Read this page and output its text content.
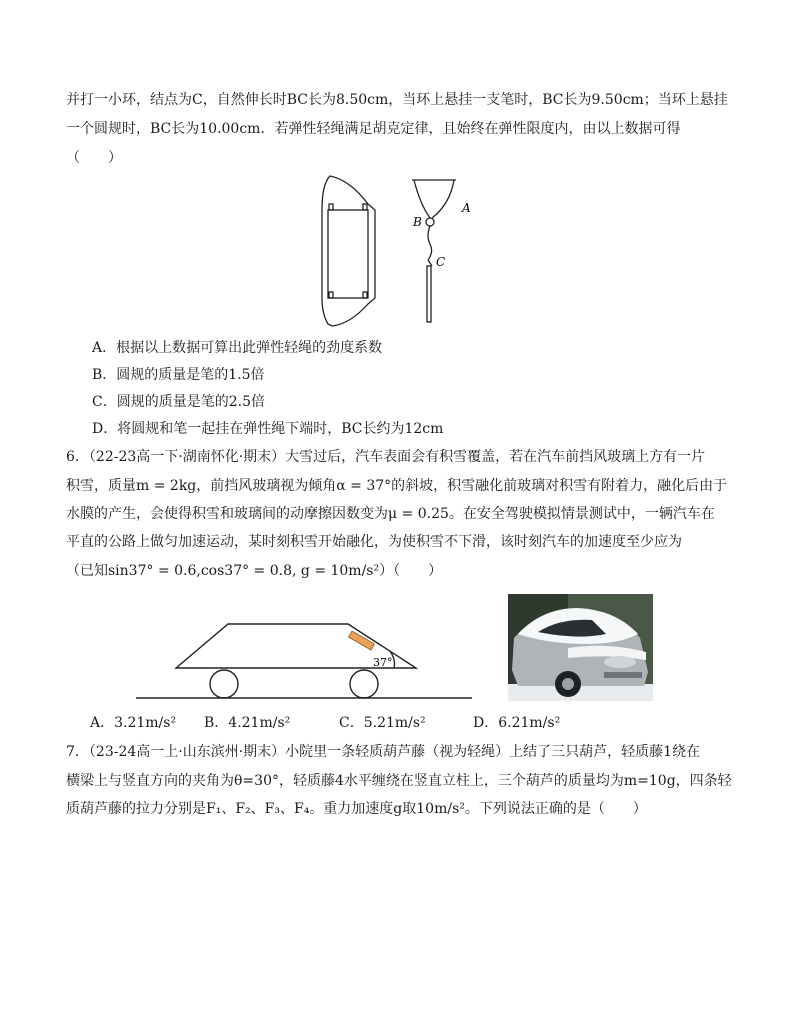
并打一小环，结点为C，自然伸长时BC长为8.50cm，当环上悬挂一支笔时，BC长为9.50cm；当环上悬挂
一个圆规时，BC长为10.00cm．若弹性轻绳满足胡克定律，且始终在弹性限度内，由以上数据可得
（　　）
A
B
C
A．根据以上数据可算出此弹性轻绳的劲度系数
B．圆规的质量是笔的1.5倍
C．圆规的质量是笔的2.5倍
D．将圆规和笔一起挂在弹性绳下端时，BC长约为12cm
6．（22-23高一下·湖南怀化·期末）大雪过后，汽车表面会有积雪覆盖，若在汽车前挡风玻璃上方有一片
积雪，质量m = 2kg，前挡风玻璃视为倾角α = 37°的斜坡，积雪融化前玻璃对积雪有附着力，融化后由于
水膜的产生，会使得积雪和玻璃间的动摩擦因数变为μ = 0.25。在安全驾驶模拟情景测试中，一辆汽车在
平直的公路上做匀加速运动，某时刻积雪开始融化，为使积雪不下滑，该时刻汽车的加速度至少应为
（已知sin37° = 0.6,cos37° = 0.8, g = 10m/s²）（　　）
37°
A．3.21m/s² B．4.21m/s²	C．5.21m/s²	D．6.21m/s²
7．（23-24高一上·山东滨州·期末）小院里一条轻质葫芦藤（视为轻绳）上结了三只葫芦，轻质藤1绕在
横梁上与竖直方向的夹角为θ=30°，轻质藤4水平缠绕在竖直立柱上，三个葫芦的质量均为m=10g，四条轻
质葫芦藤的拉力分别是F₁、F₂、F₃、F₄。重力加速度g取10m/s²。下列说法正确的是（　　）
